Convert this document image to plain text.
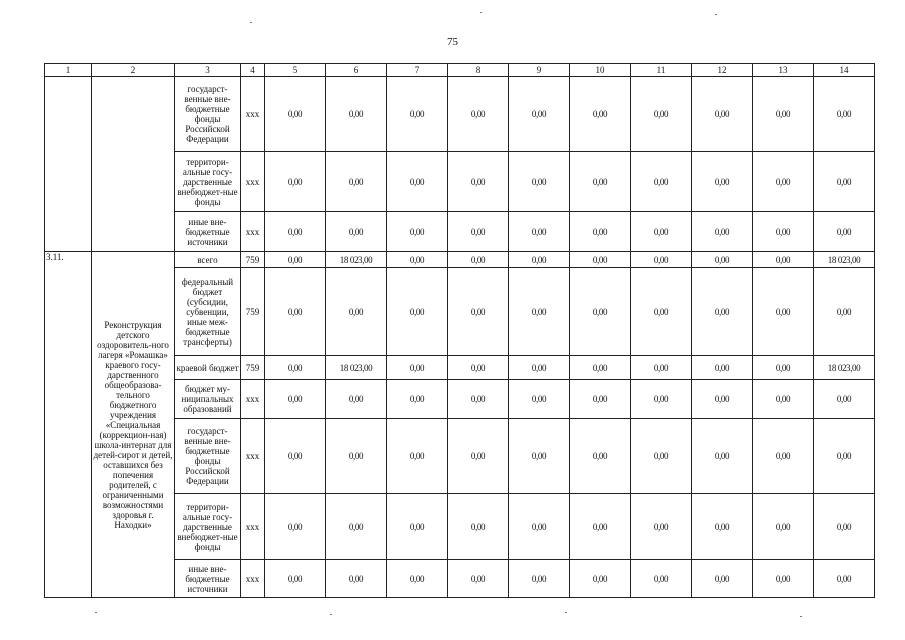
75
1	2	3	4	5	6	7	8	9	10	11	12	13	14
		государст-венные вне-бюджетные фонды Российской Федерации	ххх	0,00	0,00	0,00	0,00	0,00	0,00	0,00	0,00	0,00	0,00
		территори-альные госу-дарственные внебюджет-ные фонды	ххх	0,00	0,00	0,00	0,00	0,00	0,00	0,00	0,00	0,00	0,00
		иные вне-бюджетные источники	ххх	0,00	0,00	0,00	0,00	0,00	0,00	0,00	0,00	0,00	0,00
3.11.	Реконструкция детского оздоровитель-ного лагеря «Ромашка» краевого госу-дарственного общеобразова-тельного бюджетного учреждения «Специальная (коррекцион-ная) школа-интернат для детей-сирот и детей, оставшихся без попечения родителей, с ограниченными возможностями здоровья г. Находки»	всего	759	0,00	18 023,00	0,00	0,00	0,00	0,00	0,00	0,00	0,00	18 023,00
		федеральный бюджет (субсидии, субвенции, иные меж-бюджетные трансферты)	759	0,00	0,00	0,00	0,00	0,00	0,00	0,00	0,00	0,00	0,00
		краевой бюджет	759	0,00	18 023,00	0,00	0,00	0,00	0,00	0,00	0,00	0,00	18 023,00
		бюджет му-ниципальных образований	ххх	0,00	0,00	0,00	0,00	0,00	0,00	0,00	0,00	0,00	0,00
		государст-венные вне-бюджетные фонды Российской Федерации	ххх	0,00	0,00	0,00	0,00	0,00	0,00	0,00	0,00	0,00	0,00
		территори-альные госу-дарственные внебюджет-ные фонды	ххх	0,00	0,00	0,00	0,00	0,00	0,00	0,00	0,00	0,00	0,00
		иные вне-бюджетные источники	ххх	0,00	0,00	0,00	0,00	0,00	0,00	0,00	0,00	0,00	0,00
